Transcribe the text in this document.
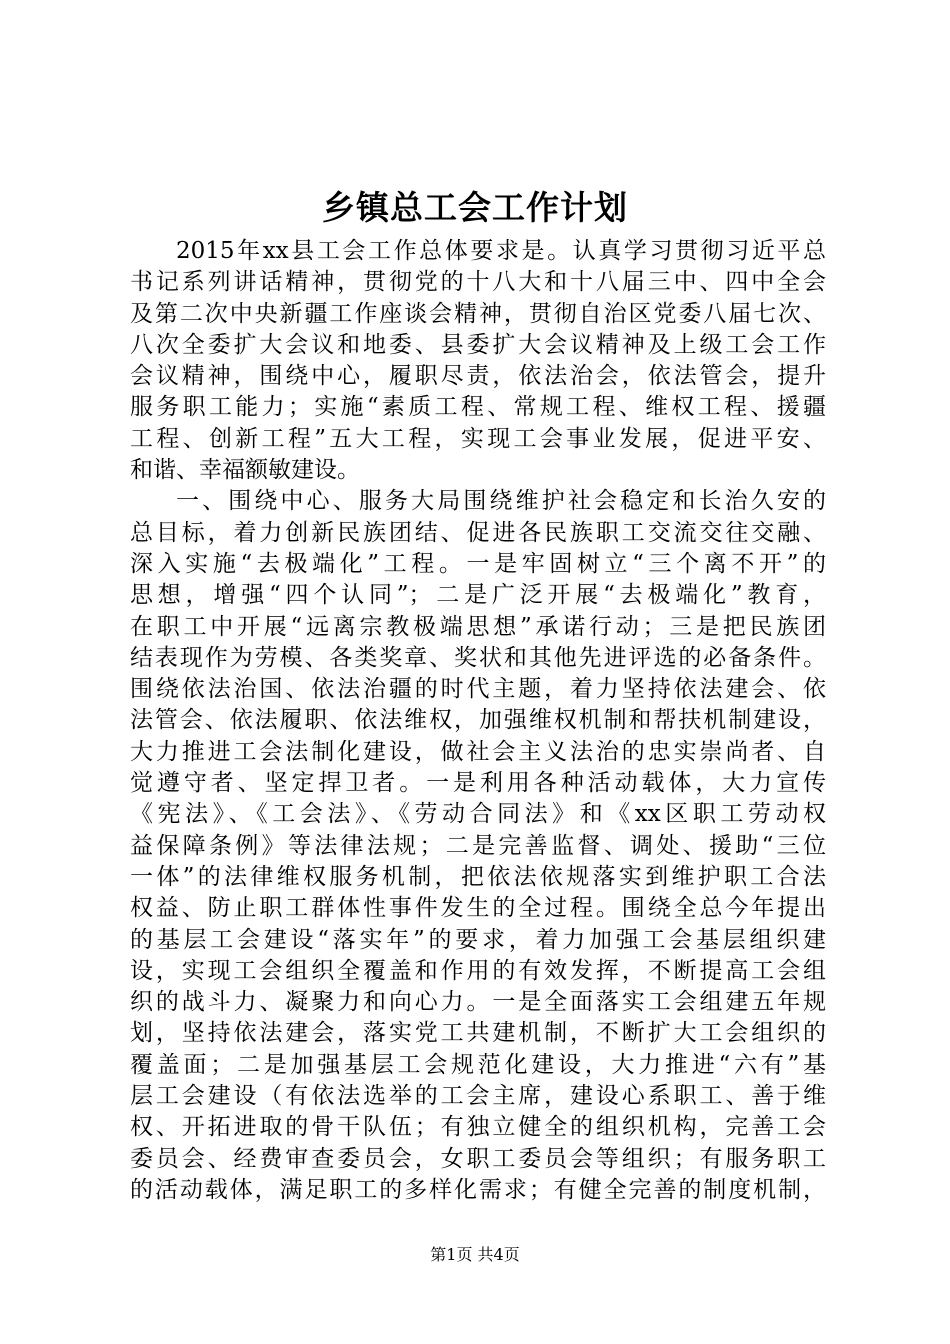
乡镇总工会工作计划
2015年xx县工会工作总体要求是。认真学习贯彻习近平总
书记系列讲话精神，贯彻党的十八大和十八届三中、四中全会
及第二次中央新疆工作座谈会精神，贯彻自治区党委八届七次、
八次全委扩大会议和地委、县委扩大会议精神及上级工会工作
会议精神，围绕中心，履职尽责，依法治会，依法管会，提升
服务职工能力；实施“素质工程、常规工程、维权工程、援疆
工程、创新工程”五大工程，实现工会事业发展，促进平安、
和谐、幸福额敏建设。
一、围绕中心、服务大局围绕维护社会稳定和长治久安的
总目标，着力创新民族团结、促进各民族职工交流交往交融、
深入实施“去极端化”工程。一是牢固树立“三个离不开”的
思想，增强“四个认同”；二是广泛开展“去极端化”教育，
在职工中开展“远离宗教极端思想”承诺行动；三是把民族团
结表现作为劳模、各类奖章、奖状和其他先进评选的必备条件。
围绕依法治国、依法治疆的时代主题，着力坚持依法建会、依
法管会、依法履职、依法维权，加强维权机制和帮扶机制建设，
大力推进工会法制化建设，做社会主义法治的忠实崇尚者、自
觉遵守者、坚定捍卫者。一是利用各种活动载体，大力宣传
《宪法》、《工会法》、《劳动合同法》和《xx区职工劳动权
益保障条例》等法律法规；二是完善监督、调处、援助“三位
一体”的法律维权服务机制，把依法依规落实到维护职工合法
权益、防止职工群体性事件发生的全过程。围绕全总今年提出
的基层工会建设“落实年”的要求，着力加强工会基层组织建
设，实现工会组织全覆盖和作用的有效发挥，不断提高工会组
织的战斗力、凝聚力和向心力。一是全面落实工会组建五年规
划，坚持依法建会，落实党工共建机制，不断扩大工会组织的
覆盖面；二是加强基层工会规范化建设，大力推进“六有”基
层工会建设（有依法选举的工会主席，建设心系职工、善于维
权、开拓进取的骨干队伍；有独立健全的组织机构，完善工会
委员会、经费审查委员会，女职工委员会等组织；有服务职工
的活动载体，满足职工的多样化需求；有健全完善的制度机制，
第1页 共4页
